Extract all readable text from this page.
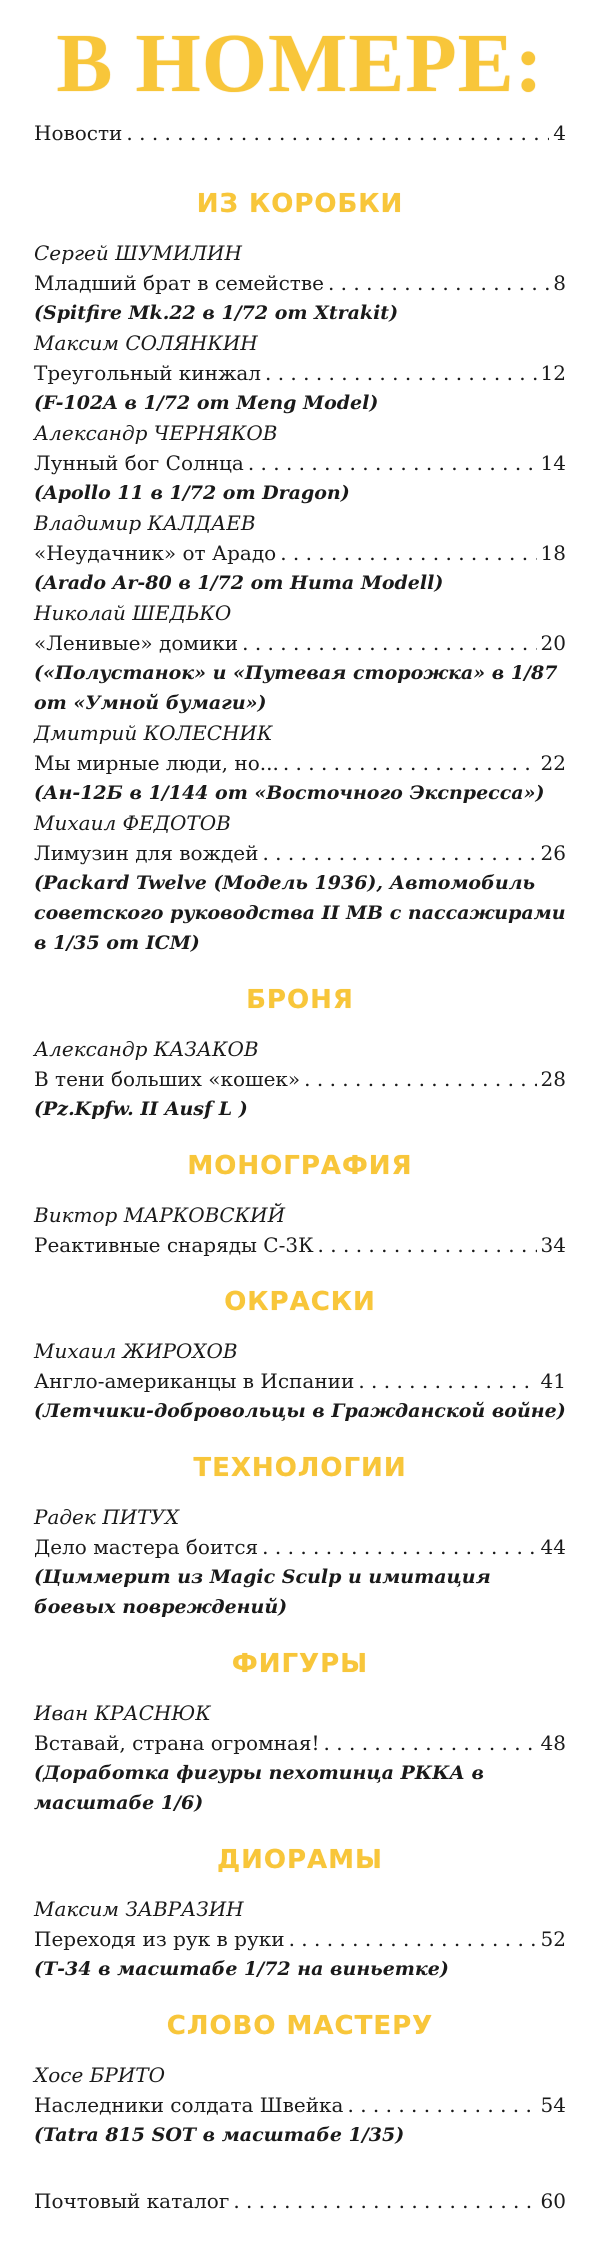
В НОМЕРЕ:
Новости . . .	4
ИЗ КОРОБКИ
Сергей ШУМИЛИН
Младший брат в семействе . . .	8
(Spitfire Mk.22 в 1/72 от Xtrakit)
Максим СОЛЯНКИН
Треугольный кинжал . . .	12
(F-102A в 1/72 от Meng Model)
Александр ЧЕРНЯКОВ
Лунный бог Солнца . . .	14
(Apollo 11 в 1/72 от Dragon)
Владимир КАЛДАЕВ
«Неудачник» от Арадо . . .	18
(Arado Ar-80 в 1/72 от Huma Modell)
Николай ШЕДЬКО
«Ленивые» домики . . .	20
(«Полустанок» и «Путевая сторожка» в 1/87 от «Умной бумаги»)
Дмитрий КОЛЕСНИК
Мы мирные люди, но... . . .	22
(Ан-12Б в 1/144 от «Восточного Экспресса»)
Михаил ФЕДОТОВ
Лимузин для вождей . . .	26
(Packard Twelve (Модель 1936), Автомобиль советского руководства II МВ с пассажирами в 1/35 от ICM)
БРОНЯ
Александр КАЗАКОВ
В тени больших «кошек» . . .	28
(Pz.Kpfw. II Ausf L )
МОНОГРАФИЯ
Виктор МАРКОВСКИЙ
Реактивные снаряды С-3К . . .	34
ОКРАСКИ
Михаил ЖИРОХОВ
Англо-американцы в Испании . . .	41
(Летчики-добровольцы в Гражданской войне)
ТЕХНОЛОГИИ
Радек ПИТУХ
Дело мастера боится . . .	44
(Циммерит из Magic Sculp и имитация боевых повреждений)
ФИГУРЫ
Иван КРАСНЮК
Вставай, страна огромная! . . .	48
(Доработка фигуры пехотинца РККА в масштабе 1/6)
ДИОРАМЫ
Максим ЗАВРАЗИН
Переходя из рук в руки . . .	52
(Т-34 в масштабе 1/72 на виньетке)
СЛОВО МАСТЕРУ
Хосе БРИТО
Наследники солдата Швейка . . .	54
(Tatra 815 SOT в масштабе 1/35)
Почтовый каталог . . .	60
